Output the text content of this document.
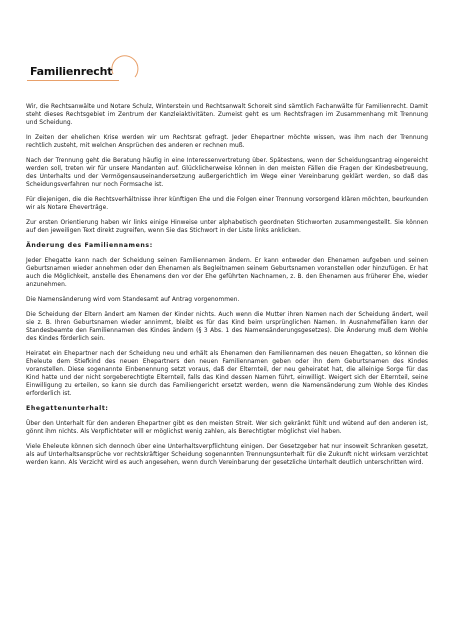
Familienrecht

Wir, die Rechtsanwälte und Notare Schulz, Winterstein und Rechtsanwalt Schoreit sind sämtlich Fachanwälte für Familienrecht. Damit steht dieses Rechtsgebiet im Zentrum der Kanzleiaktivitäten. Zumeist geht es um Rechtsfragen im Zusammenhang mit Trennung und Scheidung.

In Zeiten der ehelichen Krise werden wir um Rechtsrat gefragt. Jeder Ehepartner möchte wissen, was ihm nach der Trennung rechtlich zusteht, mit welchen Ansprüchen des anderen er rechnen muß.

Nach der Trennung geht die Beratung häufig in eine Interessenvertretung über. Spätestens, wenn der Scheidungsantrag eingereicht werden soll, treten wir für unsere Mandanten auf. Glücklicherweise können in den meisten Fällen die Fragen der Kindesbetreuung, des Unterhalts und der Vermögensauseinandersetzung außergerichtlich im Wege einer Vereinbarung geklärt werden, so daß das Scheidungsverfahren nur noch Formsache ist.

Für diejenigen, die die Rechtsverhältnisse ihrer künftigen Ehe und die Folgen einer Trennung vorsorgend klären möchten, beurkunden wir als Notare Eheverträge.

Zur ersten Orientierung haben wir links einige Hinweise unter alphabetisch geordneten Stichworten zusammengestellt. Sie können auf den jeweiligen Text direkt zugreifen, wenn Sie das Stichwort in der Liste links anklicken.

Änderung des Familiennamens:

Jeder Ehegatte kann nach der Scheidung seinen Familiennamen ändern. Er kann entweder den Ehenamen aufgeben und seinen Geburtsnamen wieder annehmen oder den Ehenamen als Begleitnamen seinem Geburtsnamen voranstellen oder hinzufügen. Er hat auch die Möglichkeit, anstelle des Ehenamens den vor der Ehe geführten Nachnamen, z. B. den Ehenamen aus früherer Ehe, wieder anzunehmen.

Die Namensänderung wird vom Standesamt auf Antrag vorgenommen.

Die Scheidung der Eltern ändert am Namen der Kinder nichts. Auch wenn die Mutter ihren Namen nach der Scheidung ändert, weil sie z. B. Ihren Geburtsnamen wieder annimmt, bleibt es für das Kind beim ursprünglichen Namen. In Ausnahmefällen kann der Standesbeamte den Familiennamen des Kindes ändern (§ 3 Abs. 1 des Namensänderungsgesetzes). Die Änderung muß dem Wohle des Kindes förderlich sein.

Heiratet ein Ehepartner nach der Scheidung neu und erhält als Ehenamen den Familiennamen des neuen Ehegatten, so können die Eheleute dem Stiefkind des neuen Ehepartners den neuen Familiennamen geben oder ihn dem Geburtsnamen des Kindes voranstellen. Diese sogenannte Einbenennung setzt voraus, daß der Elternteil, der neu geheiratet hat, die alleinige Sorge für das Kind hatte und der nicht sorgeberechtigte Elternteil, falls das Kind dessen Namen führt, einwilligt. Weigert sich der Elternteil, seine Einwilligung zu erteilen, so kann sie durch das Familiengericht ersetzt werden, wenn die Namensänderung zum Wohle des Kindes erforderlich ist.

Ehegattenunterhalt:

Über den Unterhalt für den anderen Ehepartner gibt es den meisten Streit. Wer sich gekränkt fühlt und wütend auf den anderen ist, gönnt ihm nichts. Als Verpflichteter will er möglichst wenig zahlen, als Berechtigter möglichst viel haben.

Viele Eheleute können sich dennoch über eine Unterhaltsverpflichtung einigen. Der Gesetzgeber hat nur insoweit Schranken gesetzt, als auf Unterhaltsansprüche vor rechtskräftiger Scheidung sogenannten Trennungsunterhalt für die Zukunft nicht wirksam verzichtet werden kann. Als Verzicht wird es auch angesehen, wenn durch Vereinbarung der gesetzliche Unterhalt deutlich unterschritten wird.
